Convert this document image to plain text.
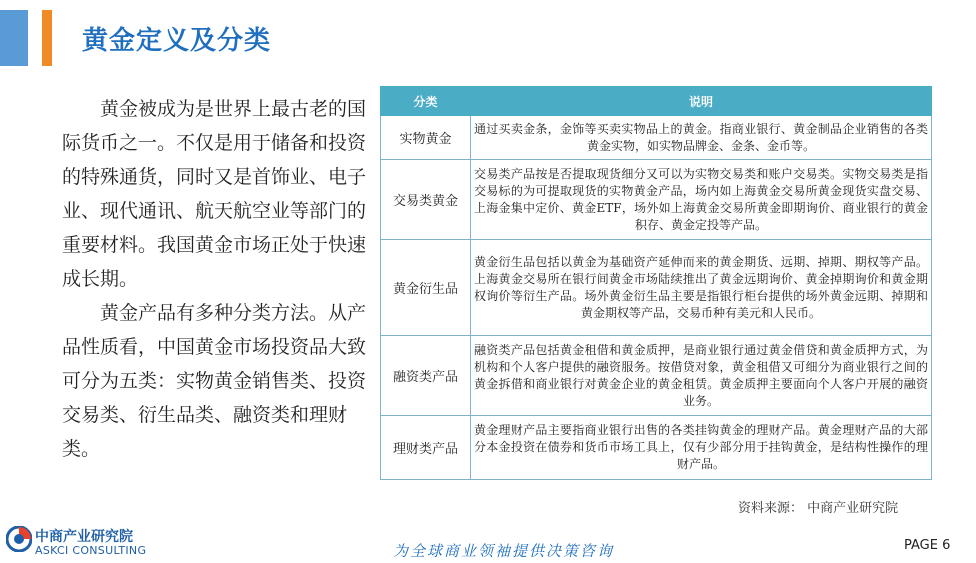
黄金定义及分类

黄金被成为是世界上最古老的国际货币之一。不仅是用于储备和投资的特殊通货，同时又是首饰业、电子业、现代通讯、航天航空业等部门的重要材料。我国黄金市场正处于快速成长期。

黄金产品有多种分类方法。从产品性质看，中国黄金市场投资品大致可分为五类：实物黄金销售类、投资交易类、衍生品类、融资类和理财类。

分类	说明
实物黄金	通过买卖金条，金饰等买卖实物品上的黄金。指商业银行、黄金制品企业销售的各类黄金实物，如实物品牌金、金条、金币等。
交易类黄金	交易类产品按是否提取现货细分又可以为实物交易类和账户交易类。实物交易类是指交易标的为可提取现货的实物黄金产品，场内如上海黄金交易所黄金现货实盘交易、上海金集中定价、黄金ETF，场外如上海黄金交易所黄金即期询价、商业银行的黄金积存、黄金定投等产品。
黄金衍生品	黄金衍生品包括以黄金为基础资产延伸而来的黄金期货、远期、掉期、期权等产品。上海黄金交易所在银行间黄金市场陆续推出了黄金远期询价、黄金掉期询价和黄金期权询价等衍生产品。场外黄金衍生品主要是指银行柜台提供的场外黄金远期、掉期和黄金期权等产品，交易币种有美元和人民币。
融资类产品	融资类产品包括黄金租借和黄金质押，是商业银行通过黄金借贷和黄金质押方式，为机构和个人客户提供的融资服务。按借贷对象，黄金租借又可细分为商业银行之间的黄金拆借和商业银行对黄金企业的黄金租赁。黄金质押主要面向个人客户开展的融资业务。
理财类产品	黄金理财产品主要指商业银行出售的各类挂钩黄金的理财产品。黄金理财产品的大部分本金投资在债券和货币市场工具上，仅有少部分用于挂钩黄金，是结构性操作的理财产品。
资料来源： 中商产业研究院
中商产业研究院
ASKCI CONSULTING	为全球商业领袖提供决策咨询	PAGE 6
